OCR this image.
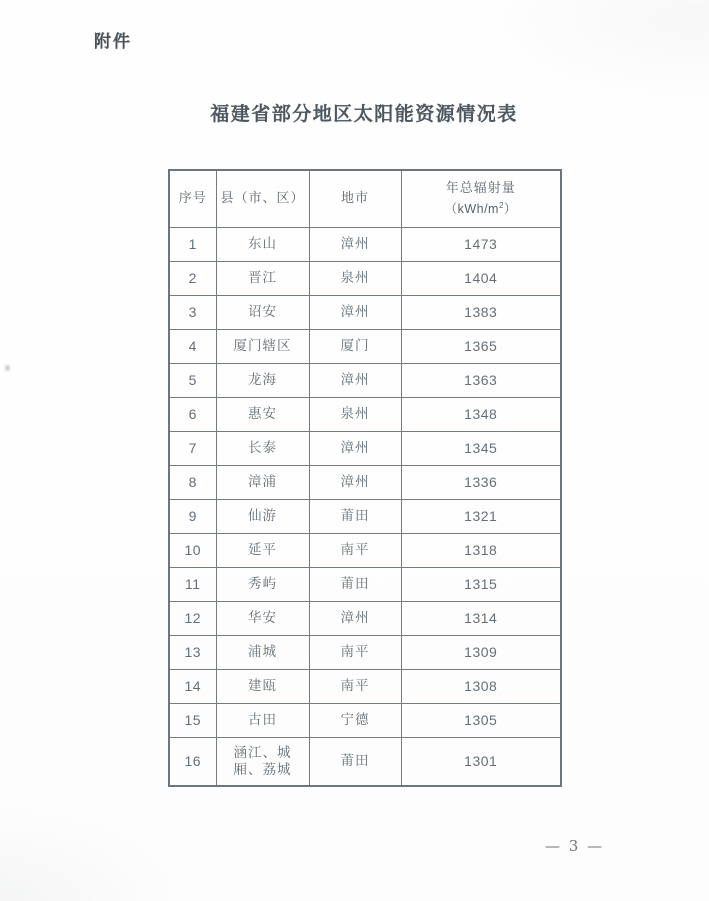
附件
福建省部分地区太阳能资源情况表
序号	县（市、区）	地市	年总辐射量
$(kWh/m^2)$
1	东山	漳州	1473
2	晋江	泉州	1404
3	诏安	漳州	1383
4	厦门辖区	厦门	1365
5	龙海	漳州	1363
6	惠安	泉州	1348
7	长泰	漳州	1345
8	漳浦	漳州	1336
9	仙游	莆田	1321
10	延平	南平	1318
11	秀屿	莆田	1315
12	华安	漳州	1314
13	浦城	南平	1309
14	建瓯	南平	1308
15	古田	宁德	1305
16	涵江、城厢、荔城	莆田	1301
— 3 —
